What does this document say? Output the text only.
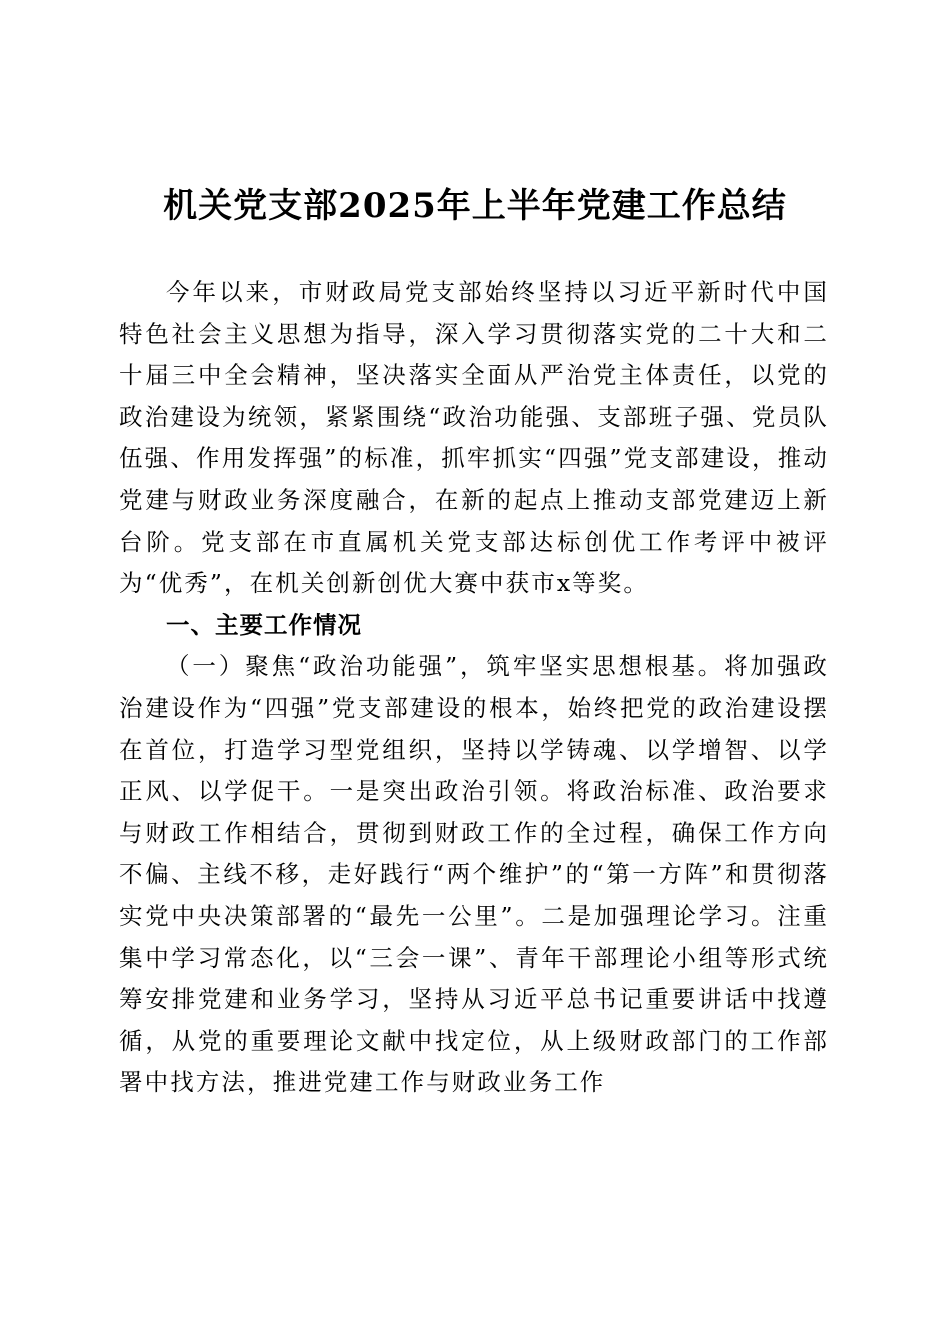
机关党支部2025年上半年党建工作总结

今年以来，市财政局党支部始终坚持以习近平新时代中国特色社会主义思想为指导，深入学习贯彻落实党的二十大和二十届三中全会精神，坚决落实全面从严治党主体责任，以党的政治建设为统领，紧紧围绕“政治功能强、支部班子强、党员队伍强、作用发挥强”的标准，抓牢抓实“四强”党支部建设，推动党建与财政业务深度融合，在新的起点上推动支部党建迈上新台阶。党支部在市直属机关党支部达标创优工作考评中被评为“优秀”，在机关创新创优大赛中获市x等奖。

一、主要工作情况

（一）聚焦“政治功能强”，筑牢坚实思想根基。将加强政治建设作为“四强”党支部建设的根本，始终把党的政治建设摆在首位，打造学习型党组织，坚持以学铸魂、以学增智、以学正风、以学促干。一是突出政治引领。将政治标准、政治要求与财政工作相结合，贯彻到财政工作的全过程，确保工作方向不偏、主线不移，走好践行“两个维护”的“第一方阵”和贯彻落实党中央决策部署的“最先一公里”。二是加强理论学习。注重集中学习常态化，以“三会一课”、青年干部理论小组等形式统筹安排党建和业务学习，坚持从习近平总书记重要讲话中找遵循，从党的重要理论文献中找定位，从上级财政部门的工作部署中找方法，推进党建工作与财政业务工作
